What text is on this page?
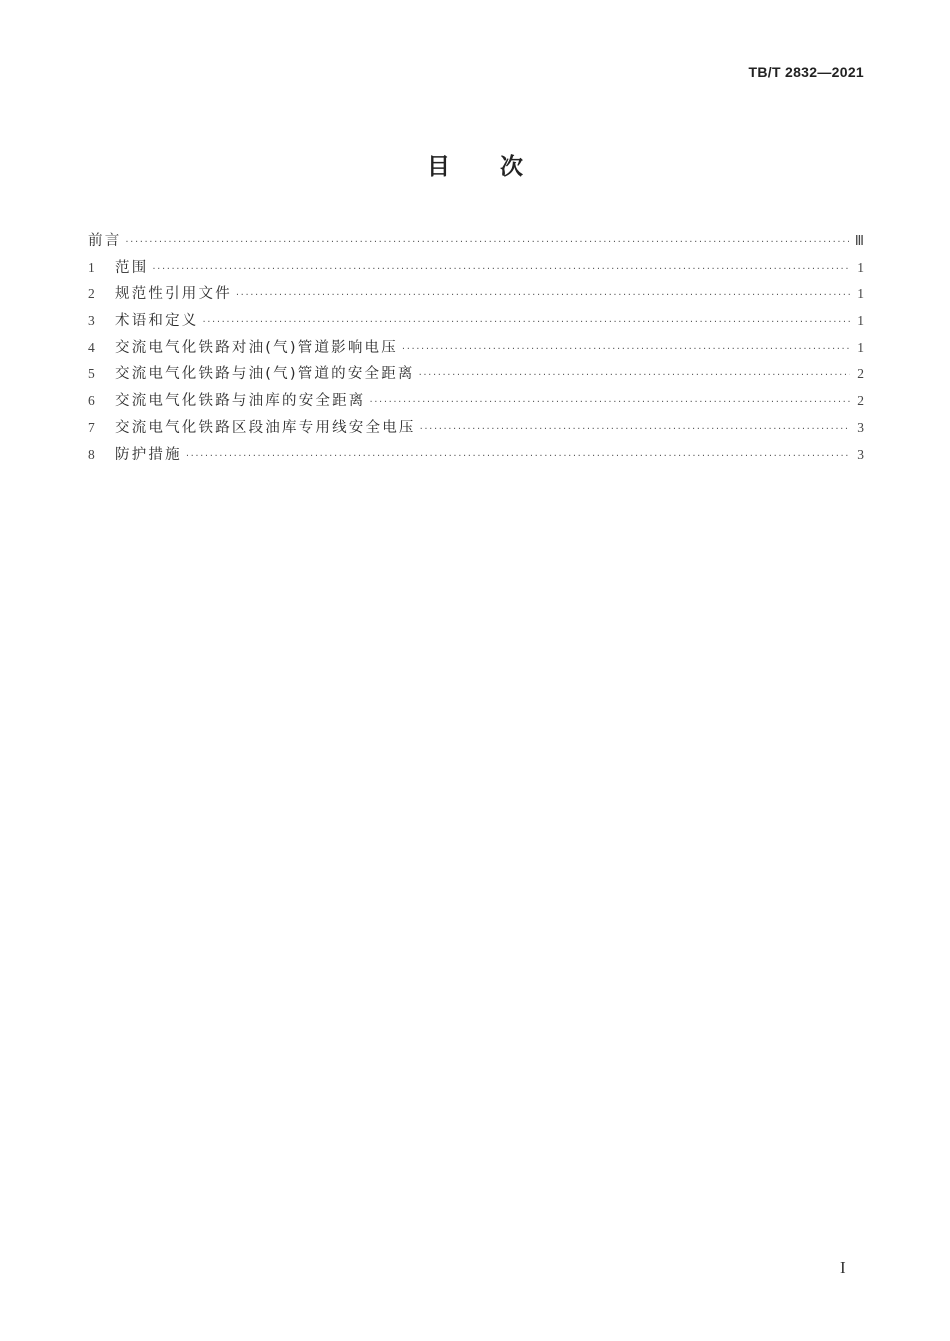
TB/T 2832—2021
目次
前言 ·····	Ⅲ
1	范围 ·····	1
2	规范性引用文件 ·····	1
3	术语和定义 ·····	1
4	交流电气化铁路对油(气)管道影响电压 ·····	1
5	交流电气化铁路与油(气)管道的安全距离 ·····	2
6	交流电气化铁路与油库的安全距离 ·····	2
7	交流电气化铁路区段油库专用线安全电压 ·····	3
8	防护措施 ·····	3
I
